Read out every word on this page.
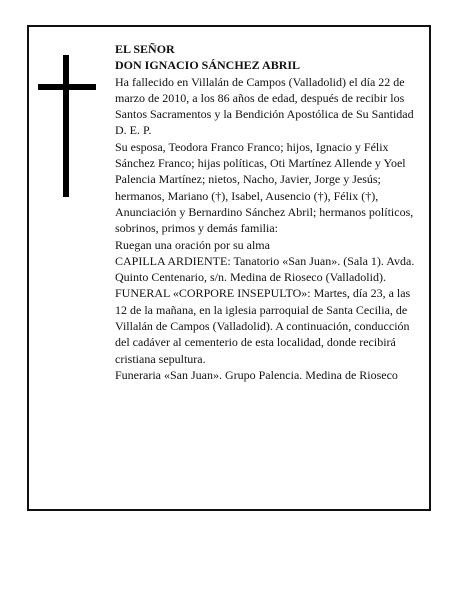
EL SEÑOR

DON IGNACIO SÁNCHEZ ABRIL

Ha fallecido en Villalán de Campos (Valladolid) el día 22 de marzo de 2010, a los 86 años de edad, después de recibir los Santos Sacramentos y la Bendición Apostólica de Su Santidad

D. E. P.

Su esposa, Teodora Franco Franco; hijos, Ignacio y Félix Sánchez Franco; hijas políticas, Oti Martínez Allende y Yoel Palencia Martínez; nietos, Nacho, Javier, Jorge y Jesús; hermanos, Mariano (†), Isabel, Ausencio (†), Félix (†), Anunciación y Bernardino Sánchez Abril; hermanos políticos, sobrinos, primos y demás familia:

Ruegan una oración por su alma

CAPILLA ARDIENTE: Tanatorio «San Juan». (Sala 1). Avda. Quinto Centenario, s/n. Medina de Rioseco (Valladolid).

FUNERAL «CORPORE INSEPULTO»: Martes, día 23, a las 12 de la mañana, en la iglesia parroquial de Santa Cecilia, de Villalán de Campos (Valladolid). A continuación, conducción del cadáver al cementerio de esta localidad, donde recibirá cristiana sepultura.

Funeraria «San Juan». Grupo Palencia. Medina de Rioseco
